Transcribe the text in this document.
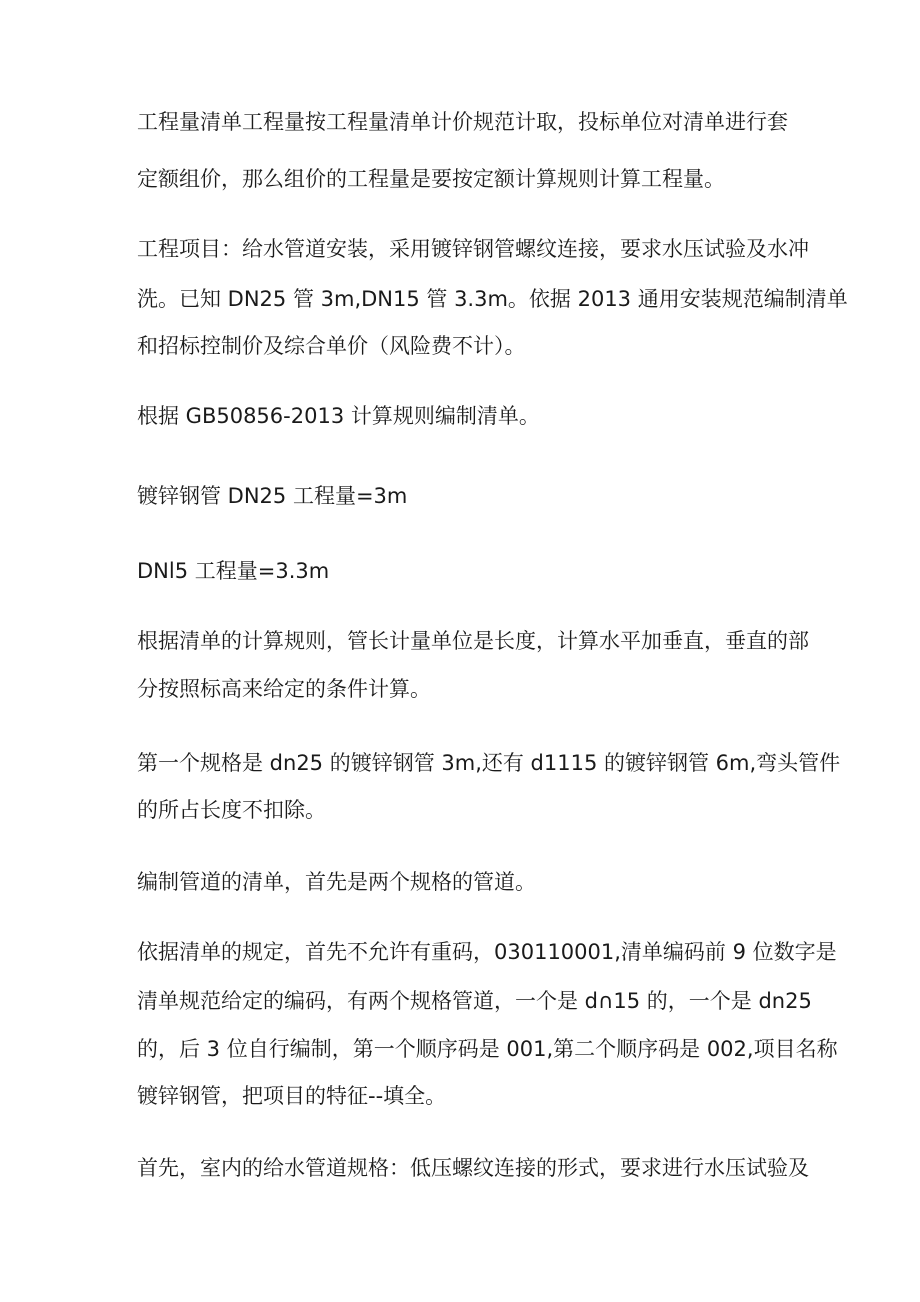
工程量清单工程量按工程量清单计价规范计取，投标单位对清单进行套
定额组价，那么组价的工程量是要按定额计算规则计算工程量。
工程项目：给水管道安装，采用镀锌钢管螺纹连接，要求水压试验及水冲
洗。已知 DN25 管 3m,DN15 管 3.3m。依据 2013 通用安装规范编制清单
和招标控制价及综合单价（风险费不计）。
根据 GB50856-2013 计算规则编制清单。
镀锌钢管 DN25 工程量=3m
DNl5 工程量=3.3m
根据清单的计算规则，管长计量单位是长度，计算水平加垂直，垂直的部
分按照标高来给定的条件计算。
第一个规格是 dn25 的镀锌钢管 3m,还有 d1115 的镀锌钢管 6m,弯头管件
的所占长度不扣除。
编制管道的清单，首先是两个规格的管道。
依据清单的规定，首先不允许有重码，030110001,清单编码前 9 位数字是
清单规范给定的编码，有两个规格管道，一个是 d∩15 的，一个是 dn25
的，后 3 位自行编制，第一个顺序码是 001,第二个顺序码是 002,项目名称
镀锌钢管，把项目的特征--填全。
首先，室内的给水管道规格：低压螺纹连接的形式，要求进行水压试验及
